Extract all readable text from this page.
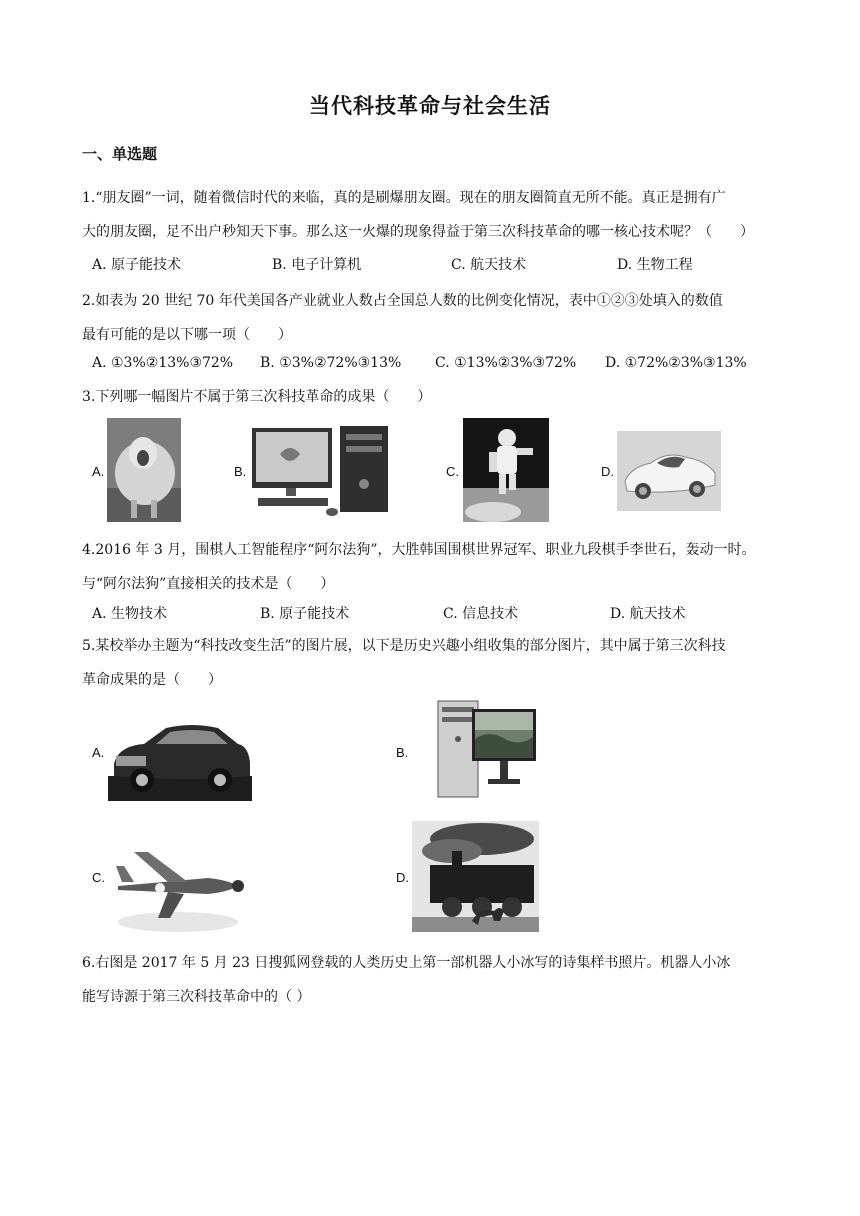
当代科技革命与社会生活
一、单选题
1.“朋友圈”一词，随着微信时代的来临，真的是刷爆朋友圈。现在的朋友圈简直无所不能。真正是拥有广
大的朋友圈，足不出户秒知天下事。那么这一火爆的现象得益于第三次科技革命的哪一核心技术呢？（　　）
A. 原子能技术	B. 电子计算机	C. 航天技术	D. 生物工程
2.如表为 20 世纪 70 年代美国各产业就业人数占全国总人数的比例变化情况，表中①②③处填入的数值
最有可能的是以下哪一项（　　）
A. ①3%②13%③72% B. ①3%②72%③13% C. ①13%②3%③72% D. ①72%②3%③13%
3.下列哪一幅图片不属于第三次科技革命的成果（　　）
A.	B.	C.	D.
4.2016 年 3 月，围棋人工智能程序“阿尔法狗”，大胜韩国围棋世界冠军、职业九段棋手李世石，轰动一时。
与“阿尔法狗”直接相关的技术是（　　）
A. 生物技术	B. 原子能技术	C. 信息技术	D. 航天技术
5.某校举办主题为“科技改变生活”的图片展，以下是历史兴趣小组收集的部分图片，其中属于第三次科技
革命成果的是（　　）
A.	B.
C.	D.
6.右图是 2017 年 5 月 23 日搜狐网登载的人类历史上第一部机器人小冰写的诗集样书照片。机器人小冰
能写诗源于第三次科技革命中的（ ）
